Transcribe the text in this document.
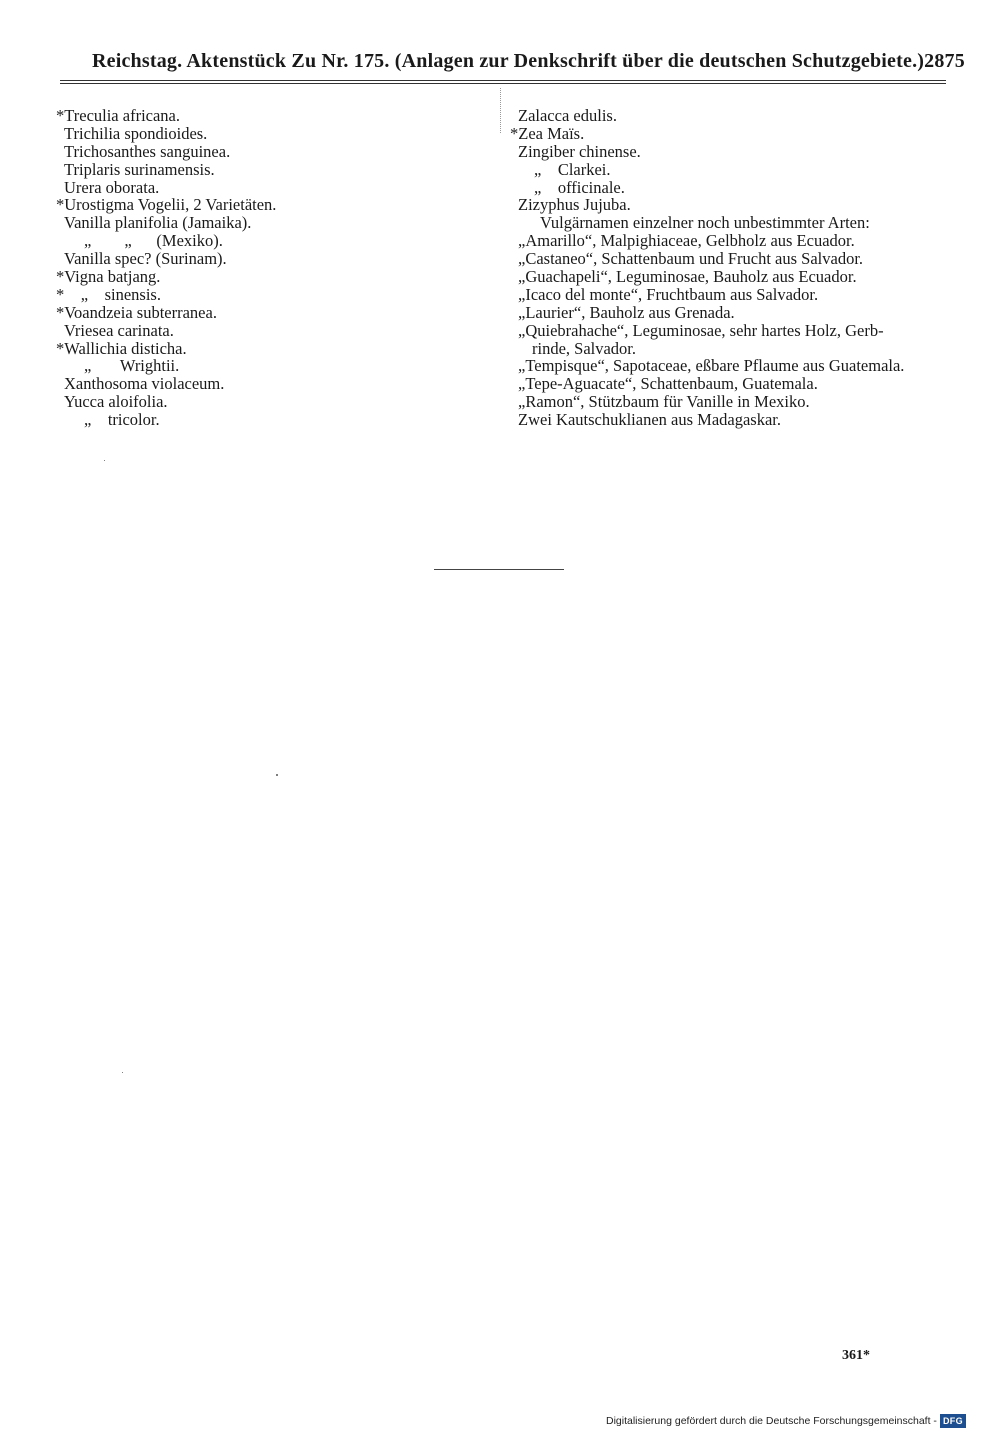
Reichstag. Aktenstück Zu Nr. 175. (Anlagen zur Denkschrift über die deutschen Schutzgebiete.) 2875
*Treculia africana.
Trichilia spondioides.
Trichosanthes sanguinea.
Triplaris surinamensis.
Urera oborata.
*Urostigma Vogelii, 2 Varietäten.
Vanilla planifolia (Jamaika).
„        „      (Mexiko).
Vanilla spec? (Surinam).
*Vigna batjang.
*    „    sinensis.
*Voandzeia subterranea.
Vriesea carinata.
*Wallichia disticha.
„       Wrightii.
Xanthosoma violaceum.
Yucca aloifolia.
„    tricolor.
Zalacca edulis.
*Zea Maïs.
Zingiber chinense.
„    Clarkei.
„    officinale.
Zizyphus Jujuba.
Vulgärnamen einzelner noch unbestimmter Arten:
„Amarillo“, Malpighiaceae, Gelbholz aus Ecuador.
„Castaneo“, Schattenbaum und Frucht aus Salvador.
„Guachapeli“, Leguminosae, Bauholz aus Ecuador.
„Icaco del monte“, Fruchtbaum aus Salvador.
„Laurier“, Bauholz aus Grenada.
„Quiebrahache“, Leguminosae, sehr hartes Holz, Gerb-
rinde, Salvador.
„Tempisque“, Sapotaceae, eßbare Pflaume aus Guatemala.
„Tepe-Aguacate“, Schattenbaum, Guatemala.
„Ramon“, Stützbaum für Vanille in Mexiko.
Zwei Kautschuklianen aus Madagaskar.
361*
Digitalisierung gefördert durch die Deutsche Forschungsgemeinschaft - DFG
